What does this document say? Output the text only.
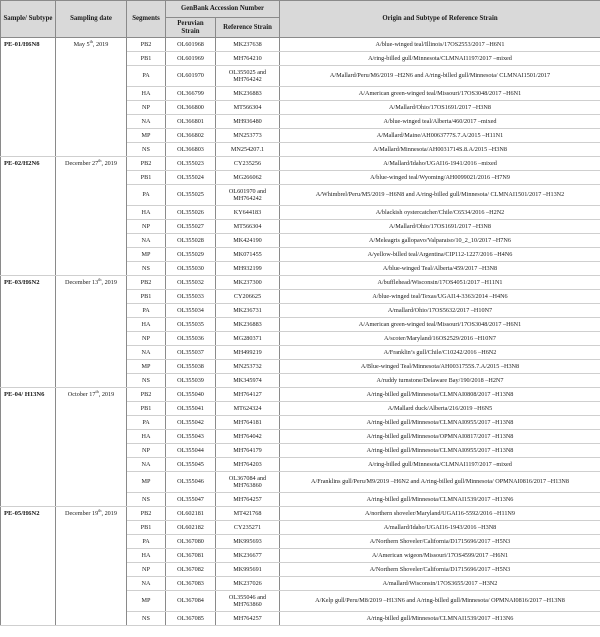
Sample/ Subtype	Sampling date	Segments	GenBank Accession Number		Origin and Subtype of Reference Strain
			Peruvian Strain	Reference Strain	
PE-01/H6N8	May 5th, 2019	PB2	OL601968	MK237638	A/blue-winged teal/Illinois/17OS2553/2017 –H6N1
		PB1	OL601969	MH764210	A/ring-billed gull/Minnesota/CLMNAI1197/2017 –mixed
		PA	OL601970	OL355025 and MH764242	A/Mallard/Peru/M6/2019 –H2N6 and A/ring-billed gull/Minnesota/ CLMNAI1501/2017
		HA	OL366799	MK236883	A/American green-winged teal/Missouri/17OS3048/2017 –H6N1
		NP	OL366800	MT566304	A/Mallard/Ohio/17OS1691/2017 –H3N8
		NA	OL366801	MH936480	A/blue-winged teal/Alberta/460/2017 –mixed
		MP	OL366802	MN253773	A/Mallard/Maine/AH0063777S.7.A/2015 –H11N1
		NS	OL366803	MN254207.1	A/Mallard/Minnesota/AH0031714S.8.A/2015 –H3N8
PE-02/H2N6	December 27th, 2019	PB2	OL355023	CY235256	A/Mallard/Idaho/UGAI16-1941/2016 –mixed
		PB1	OL355024	MG266062	A/blue-winged teal/Wyoming/AH0099021/2016 –H7N9
		PA	OL355025	OL601970 and MH764242	A/Whimbrel/Peru/M5/2019 –H6N8 and A/ring-billed gull/Minnesota/ CLMNAI1501/2017 –H13N2
		HA	OL355026	KY644183	A/blackish oystercatcher/Chile/C6534/2016 –H2N2
		NP	OL355027	MT566304	A/Mallard/Ohio/17OS1691/2017 –H3N8
		NA	OL355028	MK424190	A/Meleagris gallopavo/Valparaiso/10_2_10/2017 –H7N6
		MP	OL355029	MK071455	A/yellow-billed teal/Argentina/CIP112-1227/2016 –H4N6
		NS	OL355030	MH932199	A/blue-winged Teal/Alberta/459/2017 –H3N8
PE-03/H6N2	December 13th, 2019	PB2	OL355032	MK237300	A/bufflehead/Wisconsin/17OS4051/2017 –H11N1
		PB1	OL355033	CY206625	A/blue-winged teal/Texas/UGAI14-3363/2014 –H4N6
		PA	OL355034	MK236731	A/mallard/Ohio/17OS5632/2017 –H10N7
		HA	OL355035	MK236883	A/American green-winged teal/Missouri/17OS3048/2017 –H6N1
		NP	OL355036	MG280371	A/scoter/Maryland/16OS2529/2016 –H10N7
		NA	OL355037	MH499219	A/Franklin’s gull/Chile/C10242/2016 –H6N2
		MP	OL355038	MN253732	A/Blue-winged Teal/Minnesota/AH0031755S.7.A/2015 –H3N8
		NS	OL355039	MK345974	A/ruddy turnstone/Delaware Bay/190/2018 –H2N7
PE-04/ H13N6	October 17th, 2019	PB2	OL355040	MH764127	A/ring-billed gull/Minnesota/CLMNAI0808/2017 –H13N8
		PB1	OL355041	MT624324	A/Mallard duck/Alberta/216/2019 –H6N5
		PA	OL355042	MH764181	A/ring-billed gull/Minnesota/CLMNAI0955/2017 –H13N8
		HA	OL355043	MH764042	A/ring-billed gull/Minnesota/OPMNAI0817/2017 –H13N8
		NP	OL355044	MH764179	A/ring-billed gull/Minnesota/CLMNAI0955/2017 –H13N8
		NA	OL355045	MH764203	A/ring-billed gull/Minnesota/CLMNAI1197/2017 –mixed
		MP	OL355046	OL367084 and MH763860	A/Franklins gull/Peru/M9/2019 –H6N2 and A/ring-billed gull/Minnesota/ OPMNAI0816/2017 –H13N8
		NS	OL355047	MH764257	A/ring-billed gull/Minnesota/CLMNAI1539/2017 –H13N6
PE-05/H6N2	December 19th, 2019	PB2	OL602181	MT421768	A/northern shoveler/Maryland/UGAI16-5592/2016 –H11N9
		PB1	OL602182	CY235271	A/mallard/Idaho/UGAI16-1943/2016 –H3N8
		PA	OL367080	MK995693	A/Northern Shoveler/California/D1715696/2017 –H5N3
		HA	OL367081	MK236677	A/American wigeon/Missouri/17OS4599/2017 –H6N1
		NP	OL367082	MK995691	A/Northern Shoveler/California/D1715696/2017 –H5N3
		NA	OL367083	MK237026	A/mallard/Wisconsin/17OS3655/2017 –H3N2
		MP	OL367084	OL355046 and MH763860	A/Kelp gull/Peru/M8/2019 –H13N6 and A/ring-billed gull/Minnesota/ OPMNAI0816/2017 –H13N8
		NS	OL367085	MH764257	A/ring-billed gull/Minnesota/CLMNAI1539/2017 –H13N6
